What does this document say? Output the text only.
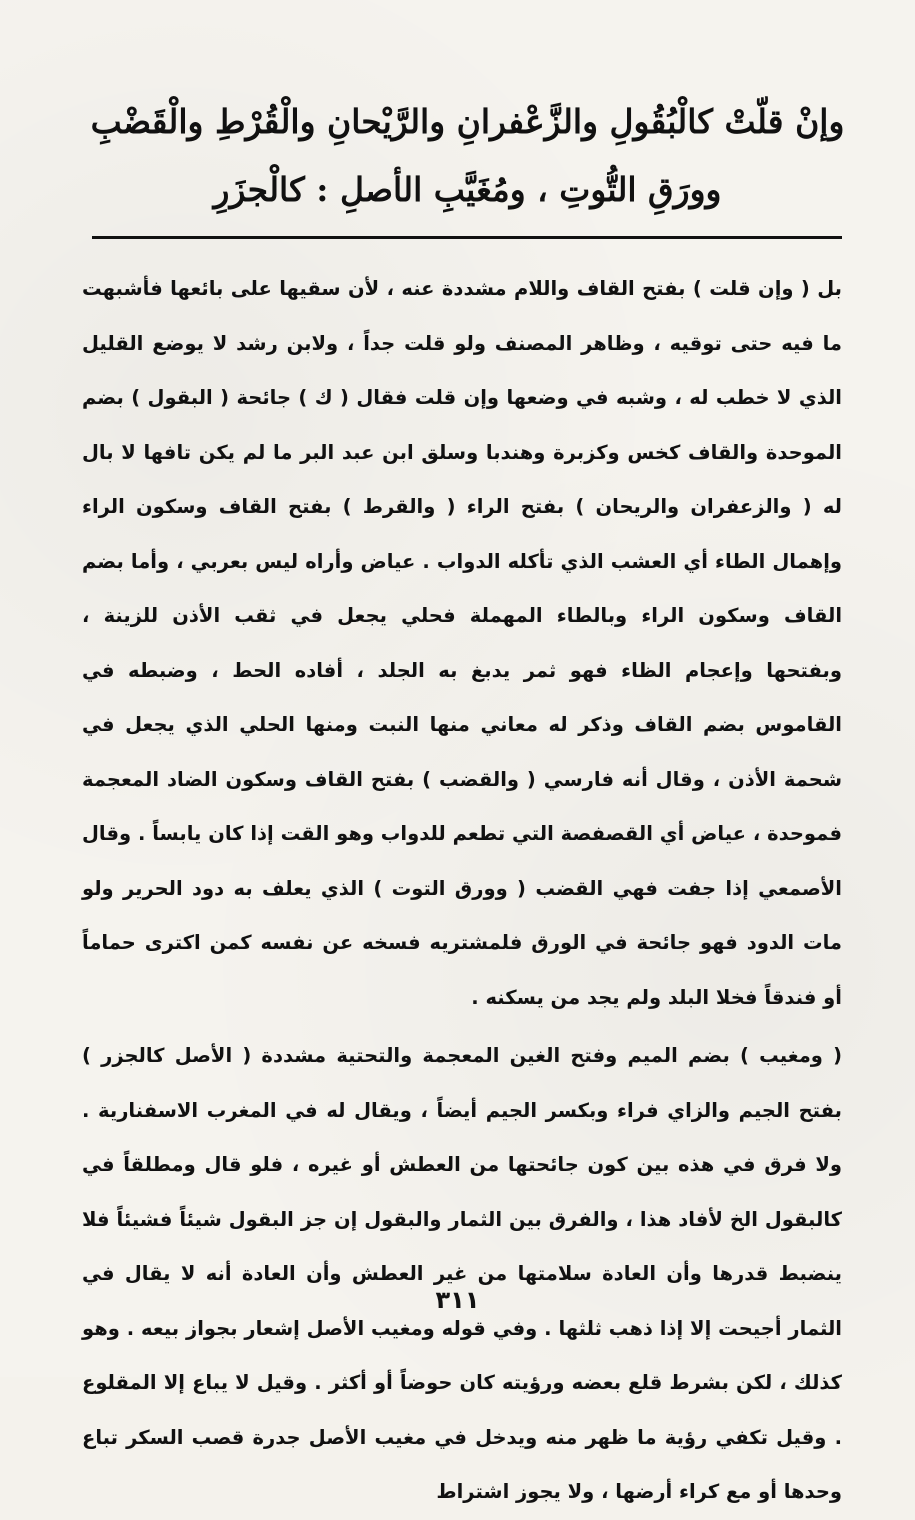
وإنْ قلّتْ كالْبُقُولِ والزَّعْفرانِ والرَّيْحانِ والْقُرْطِ والْقَضْبِ
وورَقِ التُّوتِ ، ومُغَيَّبِ الأصلِ : كالْجزَرِ

بل ( وإن قلت ) بفتح القاف واللام مشددة عنه ، لأن سقيها على بائعها فأشبهت ما فيه حتى توقيه ، وظاهر المصنف ولو قلت جداً ، ولابن رشد لا يوضع القليل الذي لا خطب له ، وشبه في وضعها وإن قلت فقال ( ك ) جائحة ( البقول ) بضم الموحدة والقاف كخس وكزبرة وهندبا وسلق ابن عبد البر ما لم يكن تافها لا بال له ( والزعفران والريحان ) بفتح الراء ( والقرط ) بفتح القاف وسكون الراء وإهمال الطاء أي العشب الذي تأكله الدواب . عياض وأراه ليس بعربي ، وأما بضم القاف وسكون الراء وبالطاء المهملة فحلي يجعل في ثقب الأذن للزينة ، وبفتحها وإعجام الظاء فهو ثمر يدبغ به الجلد ، أفاده الحط ، وضبطه في القاموس بضم القاف وذكر له معاني منها النبت ومنها الحلي الذي يجعل في شحمة الأذن ، وقال أنه فارسي ( والقضب ) بفتح القاف وسكون الضاد المعجمة فموحدة ، عياض أي القصفصة التي تطعم للدواب وهو القت إذا كان يابساً . وقال الأصمعي إذا جفت فهي القضب ( وورق التوت ) الذي يعلف به دود الحرير ولو مات الدود فهو جائحة في الورق فلمشتريه فسخه عن نفسه كمن اكترى حماماً أو فندقاً فخلا البلد ولم يجد من يسكنه .

( ومغيب ) بضم الميم وفتح الغين المعجمة والتحتية مشددة ( الأصل كالجزر ) بفتح الجيم والزاي فراء وبكسر الجيم أيضاً ، ويقال له في المغرب الاسفنارية . ولا فرق في هذه بين كون جائحتها من العطش أو غيره ، فلو قال ومطلقاً في كالبقول الخ لأفاد هذا ، والفرق بين الثمار والبقول إن جز البقول شيئاً فشيئاً فلا ينضبط قدرها وأن العادة سلامتها من غير العطش وأن العادة أنه لا يقال في الثمار أجيحت إلا إذا ذهب ثلثها . وفي قوله ومغيب الأصل إشعار بجواز بيعه . وهو كذلك ، لكن بشرط قلع بعضه ورؤيته كان حوضاً أو أكثر . وقيل لا يباع إلا المقلوع . وقيل تكفي رؤية ما ظهر منه ويدخل في مغيب الأصل جدرة قصب السكر تباع وحدها أو مع كراء أرضها ، ولا يجوز اشتراط

٣١١
